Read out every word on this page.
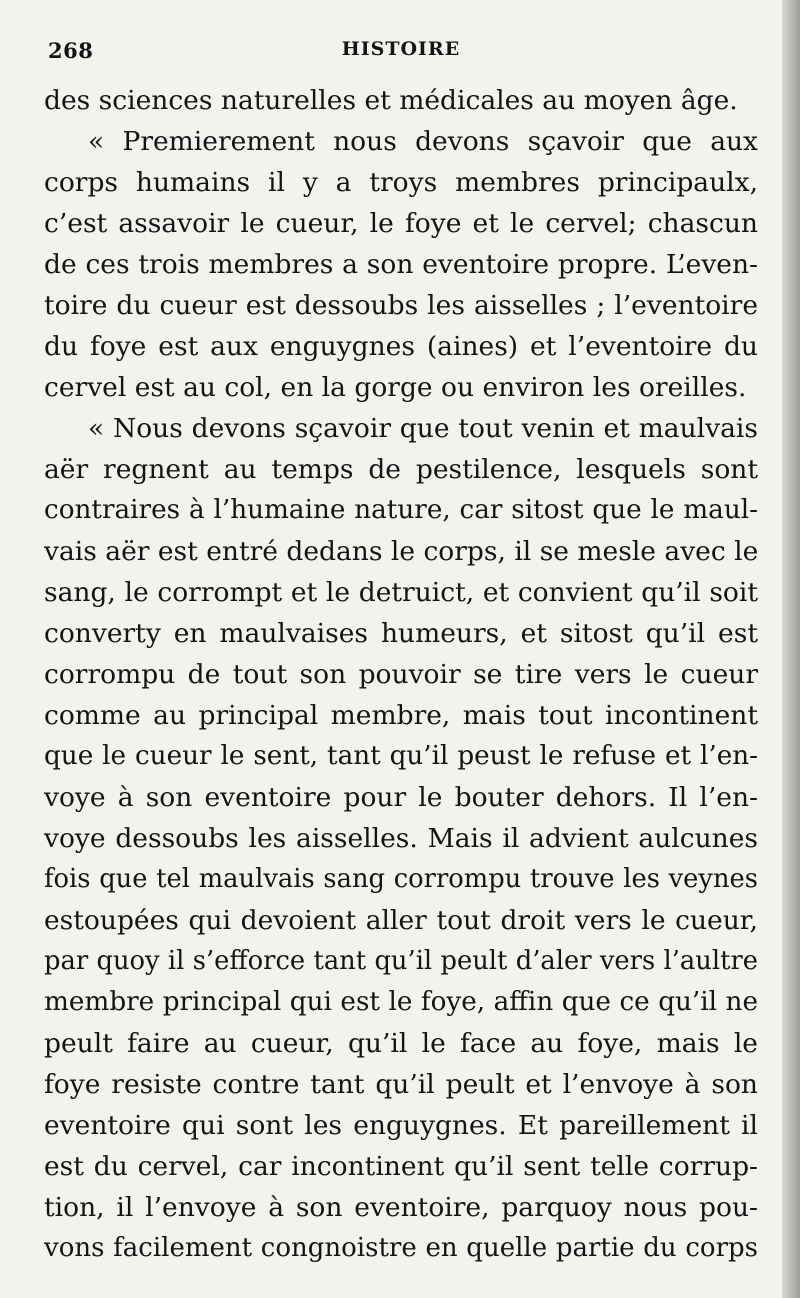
268	HISTOIRE
des sciences naturelles et médicales au moyen âge.
« Premierement nous devons sçavoir que aux
corps humains il y a troys membres principaulx,
c’est assavoir le cueur, le foye et le cervel; chascun
de ces trois membres a son eventoire propre. L’even-
toire du cueur est dessoubs les aisselles ; l’eventoire
du foye est aux enguygnes (aines) et l’eventoire du
cervel est au col, en la gorge ou environ les oreilles.
« Nous devons sçavoir que tout venin et maulvais
aër regnent au temps de pestilence, lesquels sont
contraires à l’humaine nature, car sitost que le maul-
vais aër est entré dedans le corps, il se mesle avec le
sang, le corrompt et le detruict, et convient qu’il soit
converty en maulvaises humeurs, et sitost qu’il est
corrompu de tout son pouvoir se tire vers le cueur
comme au principal membre, mais tout incontinent
que le cueur le sent, tant qu’il peust le refuse et l’en-
voye à son eventoire pour le bouter dehors. Il l’en-
voye dessoubs les aisselles. Mais il advient aulcunes
fois que tel maulvais sang corrompu trouve les veynes
estoupées qui devoient aller tout droit vers le cueur,
par quoy il s’efforce tant qu’il peult d’aler vers l’aultre
membre principal qui est le foye, affin que ce qu’il ne
peult faire au cueur, qu’il le face au foye, mais le
foye resiste contre tant qu’il peult et l’envoye à son
eventoire qui sont les enguygnes. Et pareillement il
est du cervel, car incontinent qu’il sent telle corrup-
tion, il l’envoye à son eventoire, parquoy nous pou-
vons facilement congnoistre en quelle partie du corps
